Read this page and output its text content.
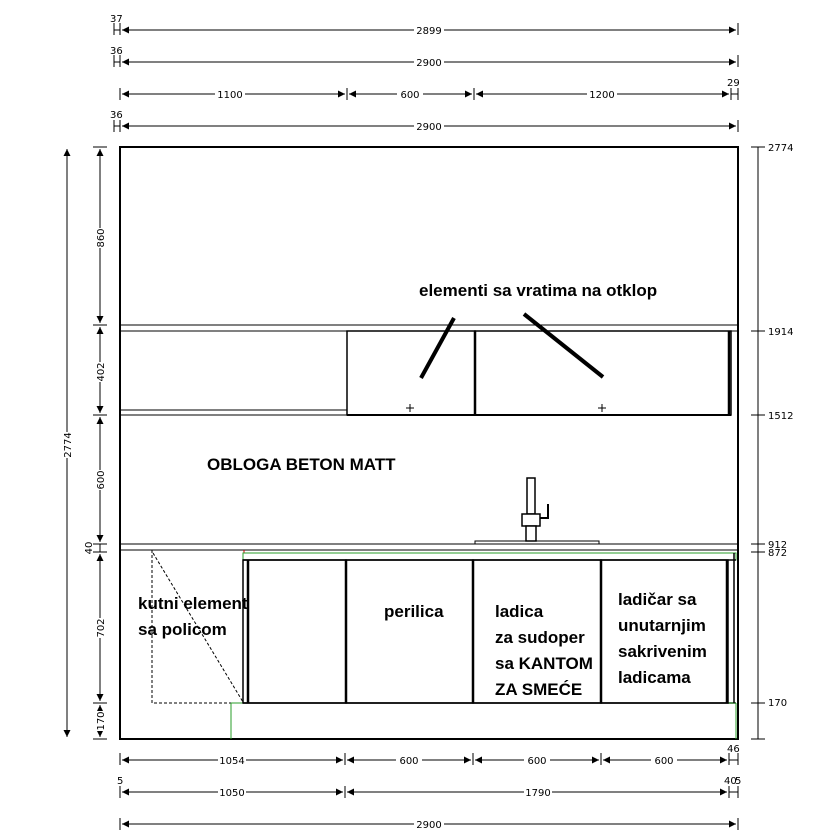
37
2899
36
2900
1100	600	1200
29
36
2900
elementi sa vratima na otklop
OBLOGA BETON MATT
kutni element
sa policom
perilica	ladica
za sudoper
sa KANTOM
ZA SMEĆE
ladičar sa
unutarnjim
sakrivenim
ladicama
2774
860
402
600
40
702
170
2774
1914
1512
912
872
170
1054	600	600	600
46
5
1050	1790
40
5
2900
